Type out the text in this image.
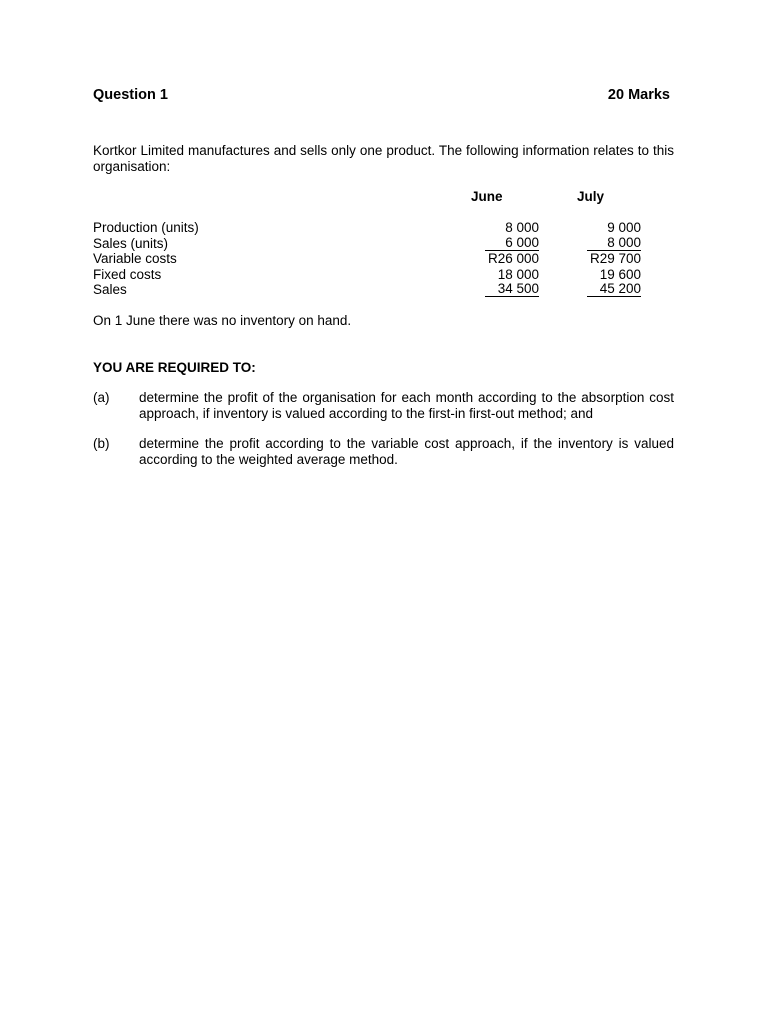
Question 1	20 Marks
Kortkor Limited manufactures and sells only one product. The following information relates to this organisation:
June	July
Production (units)	8 000	9 000
Sales (units)	6 000	8 000
Variable costs	R26 000	R29 700
Fixed costs	18 000	19 600
Sales	34 500	45 200
On 1 June there was no inventory on hand.
YOU ARE REQUIRED TO:
(a) determine the profit of the organisation for each month according to the absorption cost approach, if inventory is valued according to the first-in first-out method; and
(b) determine the profit according to the variable cost approach, if the inventory is valued according to the weighted average method.
